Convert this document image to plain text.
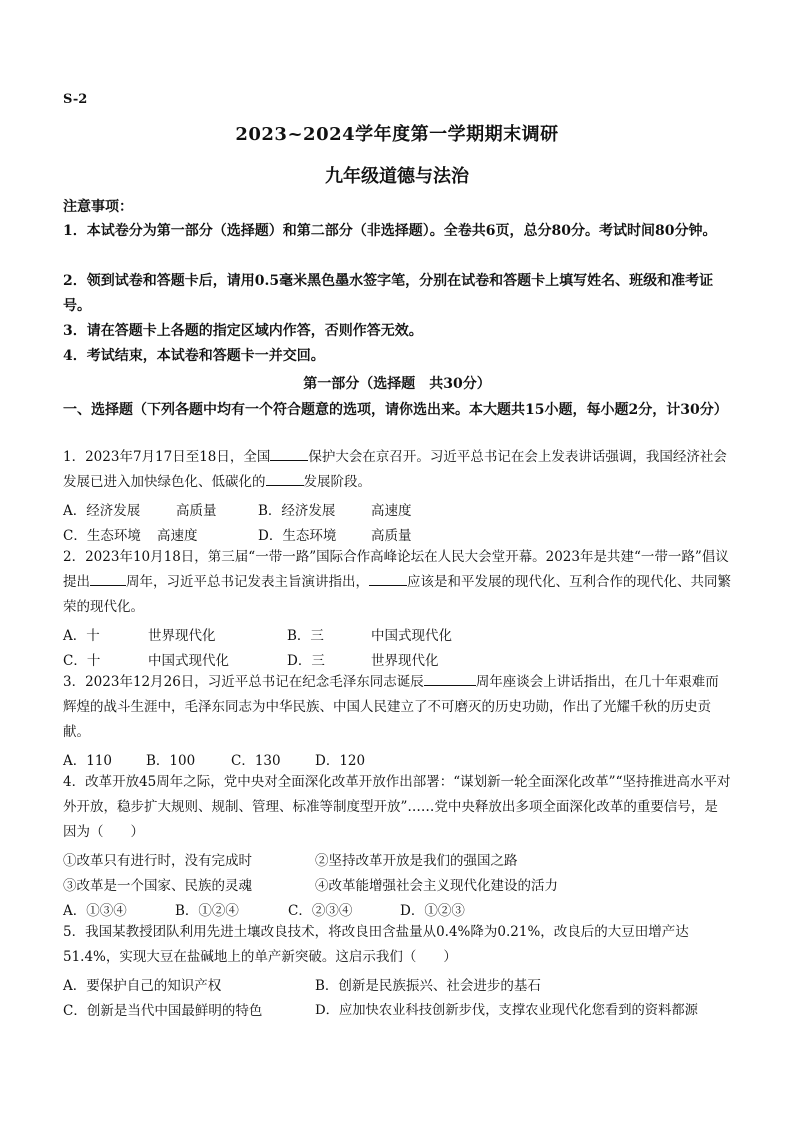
S-2
2023~2024学年度第一学期期末调研
九年级道德与法治
注意事项：
1．本试卷分为第一部分（选择题）和第二部分（非选择题）。全卷共6页，总分80分。考试时间80分钟。
2．领到试卷和答题卡后，请用0.5毫米黑色墨水签字笔，分别在试卷和答题卡上填写姓名、班级和准考证号。
3．请在答题卡上各题的指定区域内作答，否则作答无效。
4．考试结束，本试卷和答题卡一并交回。
第一部分（选择题　共30分）
一、选择题（下列各题中均有一个符合题意的选项，请你选出来。本大题共15小题，每小题2分，计30分）
1．2023年7月17日至18日，全国	保护大会在京召开。习近平总书记在会上发表讲话强调，我国经济社会发展已进入加快绿色化、低碳化的	发展阶段。
A．经济发展	高质量	B．经济发展	高速度
C．生态环境 高速度	D．生态环境	高质量
2．2023年10月18日，第三届“一带一路”国际合作高峰论坛在人民大会堂开幕。2023年是共建“一带一路”倡议提出	周年，习近平总书记发表主旨演讲指出，	应该是和平发展的现代化、互利合作的现代化、共同繁荣的现代化。
A．十	世界现代化	B．三	中国式现代化
C．十	中国式现代化	D．三	世界现代化
3．2023年12月26日，习近平总书记在纪念毛泽东同志诞辰	周年座谈会上讲话指出，在几十年艰难而辉煌的战斗生涯中，毛泽东同志为中华民族、中国人民建立了不可磨灭的历史功勋，作出了光耀千秋的历史贡献。
A．110	B．100	C．130	D．120
4．改革开放45周年之际，党中央对全面深化改革开放作出部署：“谋划新一轮全面深化改革”“坚持推进高水平对外开放，稳步扩大规则、规制、管理、标准等制度型开放”……党中央释放出多项全面深化改革的重要信号，是因为（　　）
①改革只有进行时，没有完成时	②坚持改革开放是我们的强国之路
③改革是一个国家、民族的灵魂	④改革能增强社会主义现代化建设的活力
A．①③④	B．①②④	C．②③④	D．①②③
5．我国某教授团队利用先进土壤改良技术，将改良田含盐量从0.4%降为0.21%，改良后的大豆田增产达51.4%，实现大豆在盐碱地上的单产新突破。这启示我们（　　）
A．要保护自己的知识产权	B．创新是民族振兴、社会进步的基石
C．创新是当代中国最鲜明的特色	D．应加快农业科技创新步伐，支撑农业现代化您看到的资料都源
